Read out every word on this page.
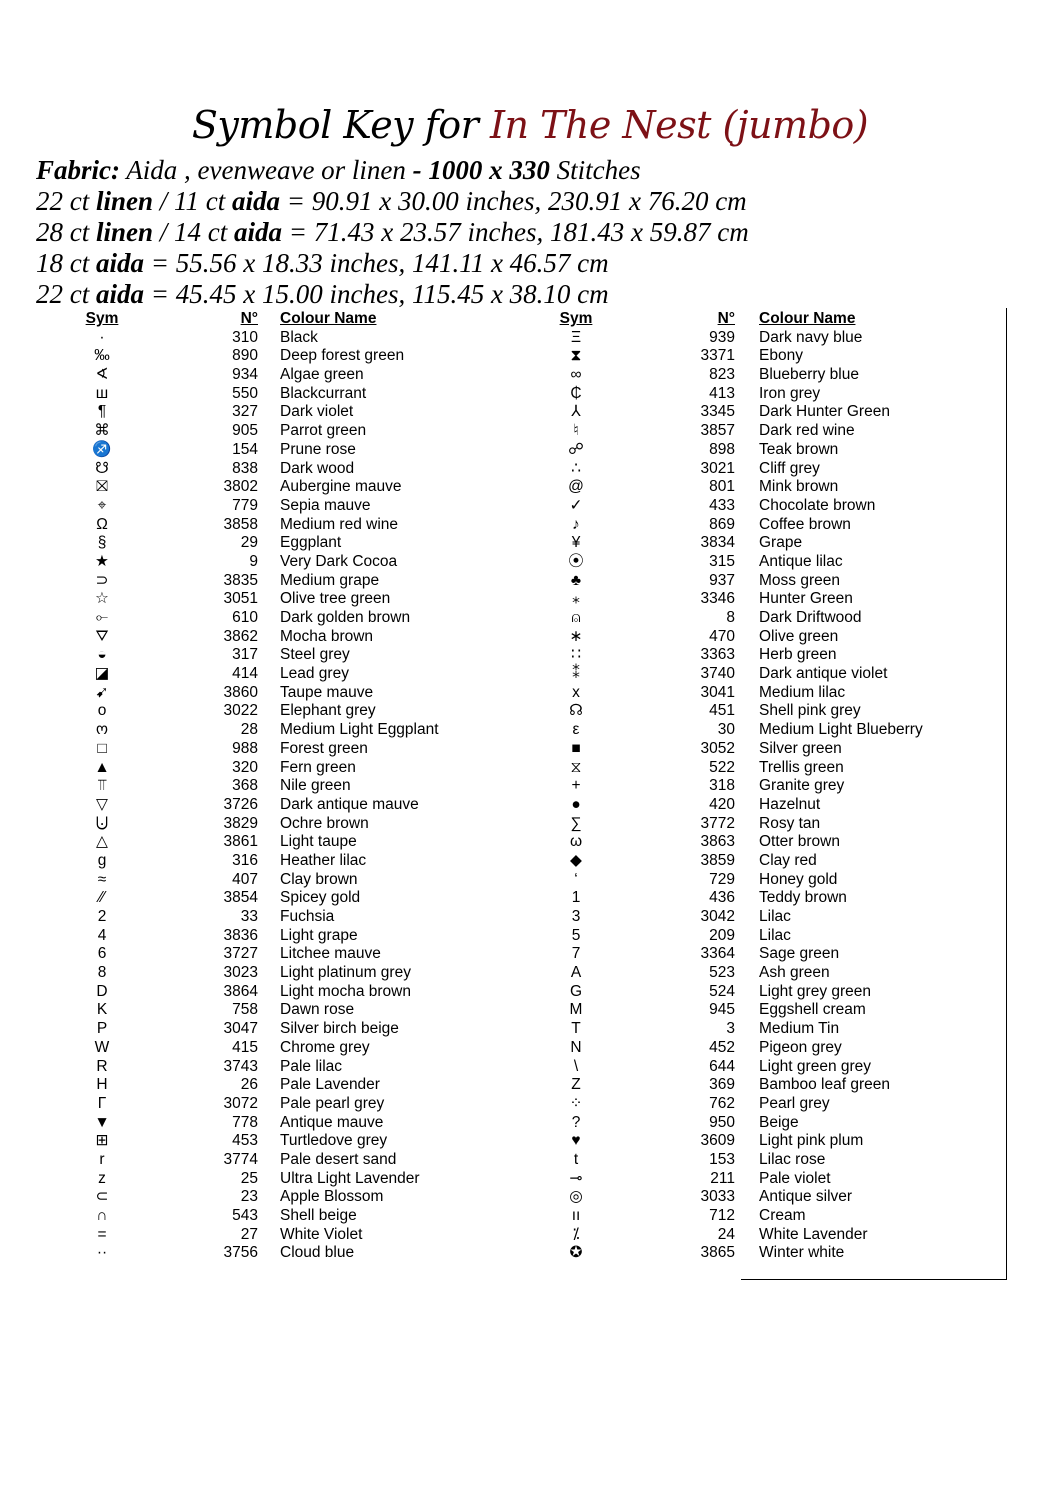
Symbol Key for In The Nest (jumbo)
Fabric: Aida , evenweave or linen - 1000 x 330 Stitches
22 ct linen / 11 ct aida = 90.91 x 30.00 inches, 230.91 x 76.20 cm
28 ct linen / 14 ct aida = 71.43 x 23.57 inches, 181.43 x 59.87 cm
18 ct aida = 55.56 x 18.33 inches, 141.11 x 46.57 cm
22 ct aida = 45.45 x 15.00 inches, 115.45 x 38.10 cm
Sym	N°	Colour Name
·	310	Black
‰	890	Deep forest green
∢	934	Algae green
ш	550	Blackcurrant
¶	327	Dark violet
⌘	905	Parrot green
♐	154	Prune rose
☋	838	Dark wood
⛝	3802	Aubergine mauve
⌖	779	Sepia mauve
Ω	3858	Medium red wine
§	29	Eggplant
★	9	Very Dark Cocoa
⊃	3835	Medium grape
☆	3051	Olive tree green
⟜	610	Dark golden brown
⛛	3862	Mocha brown
◒	317	Steel grey
◪	414	Lead grey
➹	3860	Taupe mauve
o	3022	Elephant grey
ო	28	Medium Light Eggplant
□	988	Forest green
▲	320	Fern green
⫪	368	Nile green
▽	3726	Dark antique mauve
⨃	3829	Ochre brown
△	3861	Light taupe
g	316	Heather lilac
≈	407	Clay brown
⁄⁄	3854	Spicey gold
2	33	Fuchsia
4	3836	Light grape
6	3727	Litchee mauve
8	3023	Light platinum grey
D	3864	Light mocha brown
K	758	Dawn rose
P	3047	Silver birch beige
W	415	Chrome grey
R	3743	Pale lilac
H	26	Pale Lavender
Г	3072	Pale pearl grey
▼	778	Antique mauve
⊞	453	Turtledove grey
r	3774	Pale desert sand
z	25	Ultra Light Lavender
⊂	23	Apple Blossom
∩	543	Shell beige
=	27	White Violet
··	3756	Cloud blue
Sym	N°	Colour Name
Ξ	939	Dark navy blue
⧗	3371	Ebony
∞	823	Blueberry blue
₵	413	Iron grey
⅄	3345	Dark Hunter Green
♮	3857	Dark red wine
☍	898	Teak brown
∴	3021	Cliff grey
@	801	Mink brown
✓	433	Chocolate brown
♪	869	Coffee brown
¥	3834	Grape
⦿	315	Antique lilac
♣	937	Moss green
⁎	3346	Hunter Green
⍝	8	Dark Driftwood
∗	470	Olive green
∷	3363	Herb green
⁑	3740	Dark antique violet
x	3041	Medium lilac
☊	451	Shell pink grey
ε	30	Medium Light Blueberry
■	3052	Silver green
⧖	522	Trellis green
+	318	Granite grey
●	420	Hazelnut
∑	3772	Rosy tan
ω	3863	Otter brown
◆	3859	Clay red
‘	729	Honey gold
1	436	Teddy brown
3	3042	Lilac
5	209	Lilac
7	3364	Sage green
A	523	Ash green
G	524	Light grey green
M	945	Eggshell cream
T	3	Medium Tin
N	452	Pigeon grey
\	644	Light green grey
Z	369	Bamboo leaf green
⁘	762	Pearl grey
?	950	Beige
♥	3609	Light pink plum
t	153	Lilac rose
⊸	211	Pale violet
◎	3033	Antique silver
ıı	712	Cream
⁒	24	White Lavender
✪	3865	Winter white
